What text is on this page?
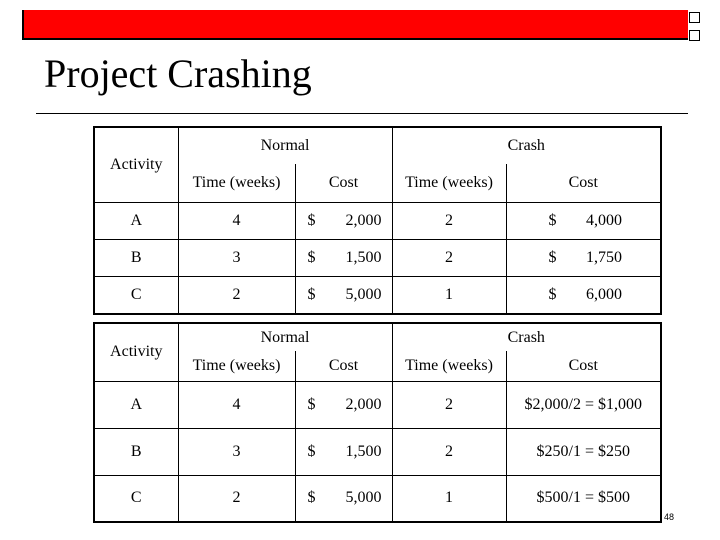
Project Crashing
Activity	Normal		Crash	
	Time (weeks)	Cost	Time (weeks)	Cost
A	4	$ 2,000	2	$ 4,000

B	3	$ 1,500	2	$ 1,750

C	2	$ 5,000	1	$ 6,000
Activity	Normal		Crash	
	Time (weeks)	Cost	Time (weeks)	Cost
A	4	$ 2,000	2	$2,000/2 = $1,000
B	3	$ 1,500	2	$250/1 = $250
C	2	$ 5,000	1	$500/1 = $500
48
